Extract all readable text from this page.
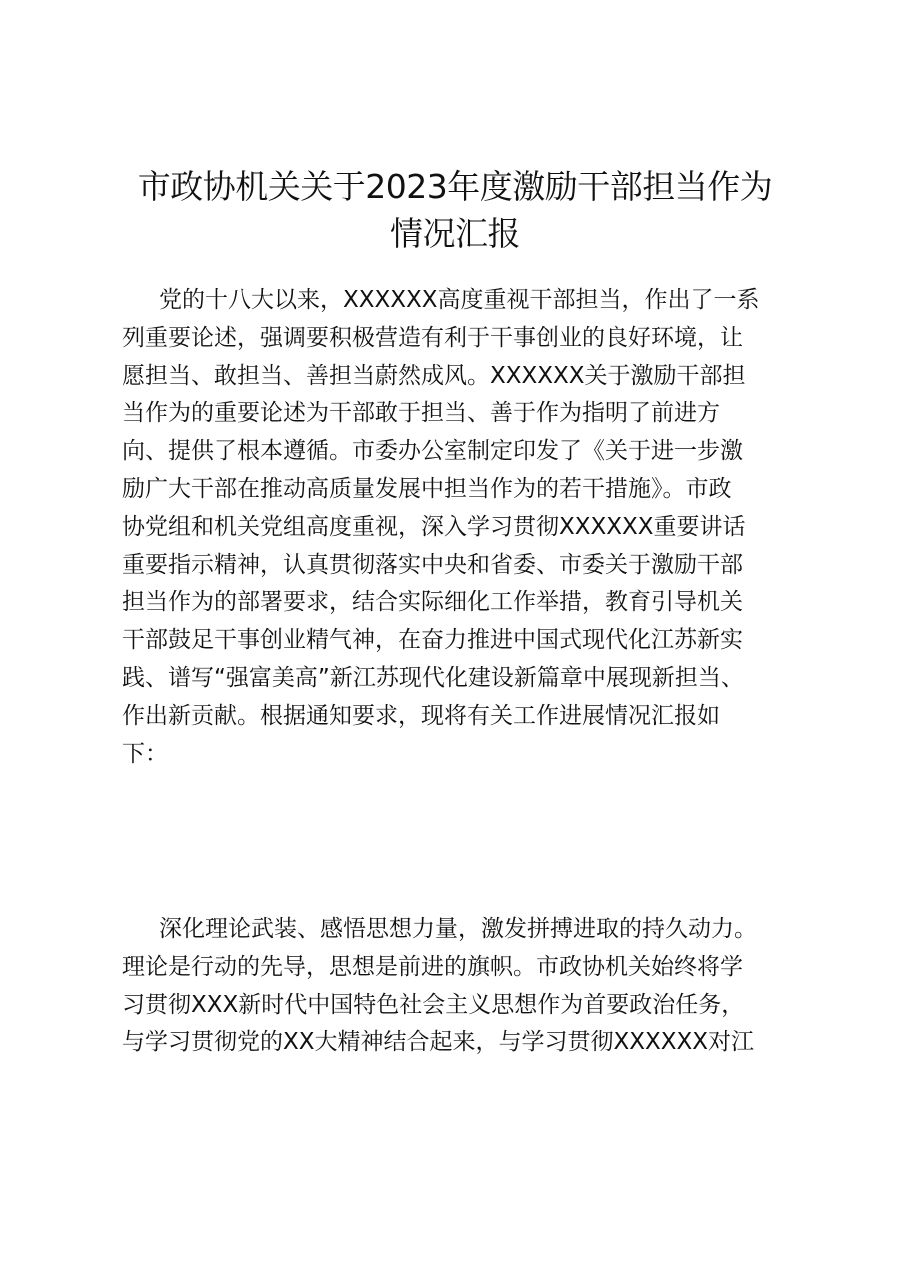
市政协机关关于2023年度激励干部担当作为
情况汇报
党的十八大以来，XXXXXX高度重视干部担当，作出了一系
列重要论述，强调要积极营造有利于干事创业的良好环境，让
愿担当、敢担当、善担当蔚然成风。XXXXXX关于激励干部担
当作为的重要论述为干部敢于担当、善于作为指明了前进方
向、提供了根本遵循。市委办公室制定印发了《关于进一步激
励广大干部在推动高质量发展中担当作为的若干措施》。市政
协党组和机关党组高度重视，深入学习贯彻XXXXXX重要讲话
重要指示精神，认真贯彻落实中央和省委、市委关于激励干部
担当作为的部署要求，结合实际细化工作举措，教育引导机关
干部鼓足干事创业精气神，在奋力推进中国式现代化江苏新实
践、谱写“强富美高”新江苏现代化建设新篇章中展现新担当、
作出新贡献。根据通知要求，现将有关工作进展情况汇报如
下：
深化理论武装、感悟思想力量，激发拼搏进取的持久动力。
理论是行动的先导，思想是前进的旗帜。市政协机关始终将学
习贯彻XXX新时代中国特色社会主义思想作为首要政治任务，
与学习贯彻党的XX大精神结合起来，与学习贯彻XXXXXX对江
